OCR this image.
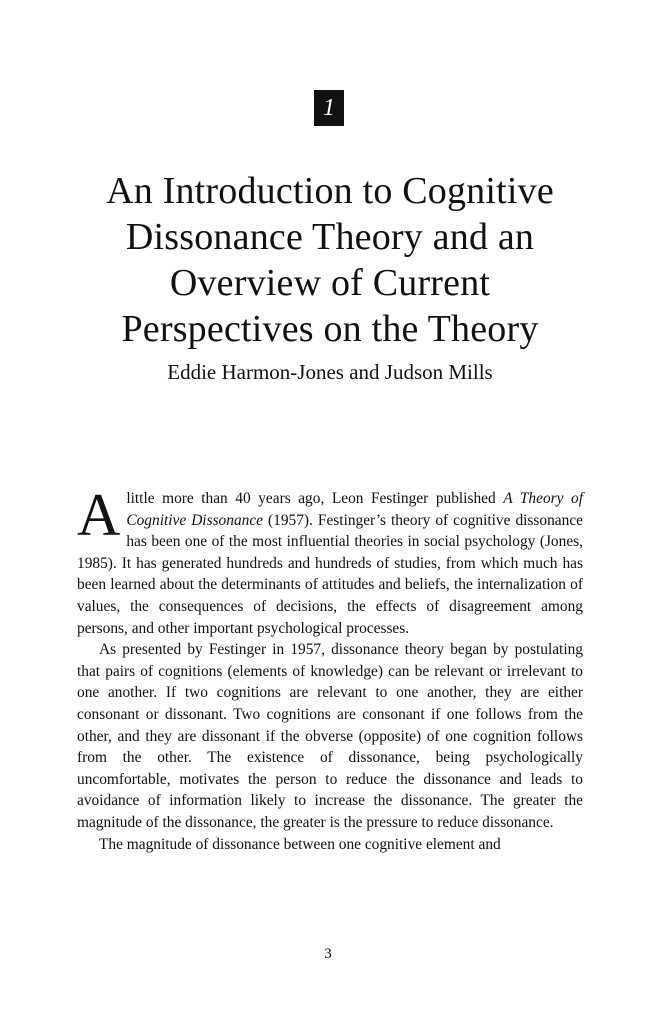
1
An Introduction to Cognitive
Dissonance Theory and an
Overview of Current
Perspectives on the Theory
Eddie Harmon-Jones and Judson Mills

A little more than 40 years ago, Leon Festinger published A Theory of Cognitive Dissonance (1957). Festinger’s theory of cognitive dissonance has been one of the most influential theories in social psychology (Jones, 1985). It has generated hundreds and hundreds of studies, from which much has been learned about the determinants of attitudes and beliefs, the internalization of values, the consequences of decisions, the effects of disagreement among persons, and other important psychological processes.

As presented by Festinger in 1957, dissonance theory began by postulating that pairs of cognitions (elements of knowledge) can be relevant or irrelevant to one another. If two cognitions are relevant to one another, they are either consonant or dissonant. Two cognitions are consonant if one follows from the other, and they are dissonant if the obverse (opposite) of one cognition follows from the other. The existence of dissonance, being psychologically uncomfortable, motivates the person to reduce the dissonance and leads to avoidance of information likely to increase the dissonance. The greater the magnitude of the dissonance, the greater is the pressure to reduce dissonance.

The magnitude of dissonance between one cognitive element and

3
